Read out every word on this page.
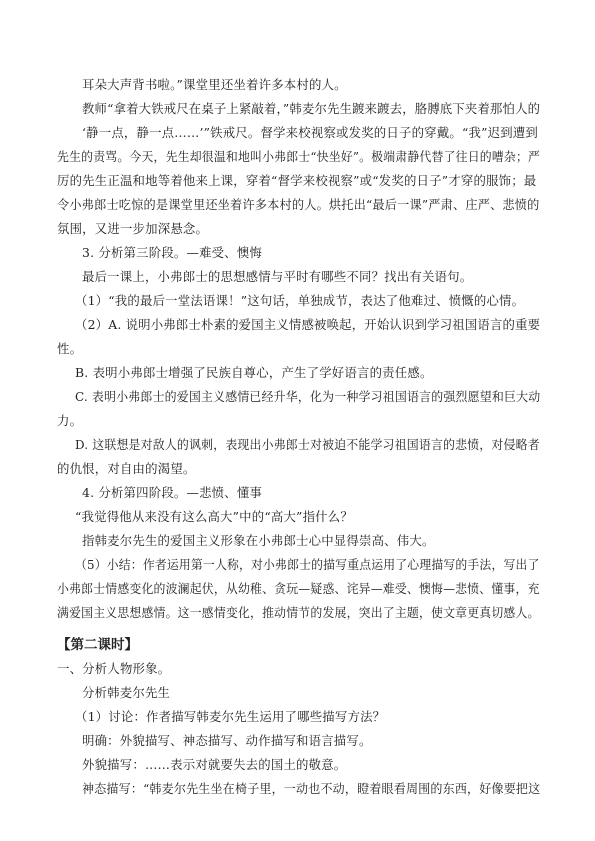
耳朵大声背书啦。”课堂里还坐着许多本村的人。
教师“拿着大铁戒尺在桌子上紧敲着，”韩麦尔先生踱来踱去，胳膊底下夹着那怕人的
‘静一点，静一点……’”铁戒尺。督学来校视察或发奖的日子的穿戴。“我”迟到遭到
先生的责骂。今天，先生却很温和地叫小弗郎士“快坐好”。极端肃静代替了往日的嘈杂；严
厉的先生正温和地等着他来上课，穿着“督学来校视察”或“发奖的日子”才穿的服饰；最
令小弗郎士吃惊的是课堂里还坐着许多本村的人。烘托出“最后一课”严肃、庄严、悲愤的
氛围，又进一步加深悬念。
3. 分析第三阶段。—难受、懊悔
最后一课上，小弗郎士的思想感情与平时有哪些不同？找出有关语句。
（1）“我的最后一堂法语课！”这句话，单独成节，表达了他难过、愤慨的心情。
（2）A. 说明小弗郎士朴素的爱国主义情感被唤起，开始认识到学习祖国语言的重要
性。
B. 表明小弗郎士增强了民族自尊心，产生了学好语言的责任感。
C. 表明小弗郎士的爱国主义感情已经升华，化为一种学习祖国语言的强烈愿望和巨大动
力。
D. 这联想是对敌人的讽刺，表现出小弗郎士对被迫不能学习祖国语言的悲愤，对侵略者
的仇恨，对自由的渴望。
4. 分析第四阶段。—悲愤、懂事
“我觉得他从来没有这么高大”中的“高大”指什么？
指韩麦尔先生的爱国主义形象在小弗郎士心中显得崇高、伟大。
（5）小结：作者运用第一人称，对小弗郎士的描写重点运用了心理描写的手法，写出了
小弗郎士情感变化的波澜起伏，从幼稚、贪玩—疑惑、诧异—难受、懊悔—悲愤、懂事，充
满爱国主义思想感情。这一感情变化，推动情节的发展，突出了主题，使文章更真切感人。
【第二课时】
一、分析人物形象。
分析韩麦尔先生
（1）讨论：作者描写韩麦尔先生运用了哪些描写方法？
明确：外貌描写、神态描写、动作描写和语言描写。
外貌描写：……表示对就要失去的国土的敬意。
神态描写：“韩麦尔先生坐在椅子里，一动也不动，瞪着眼看周围的东西，好像要把这
